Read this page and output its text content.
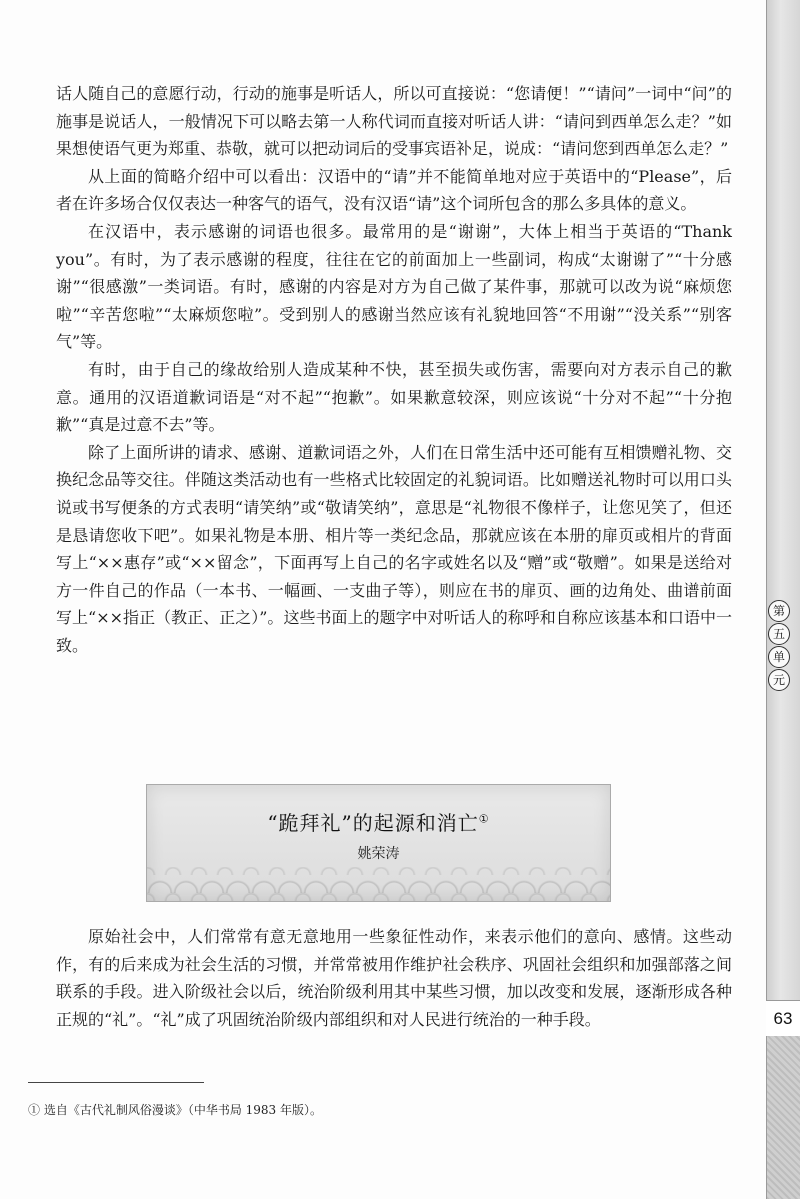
话人随自己的意愿行动，行动的施事是听话人，所以可直接说：“您请便！”“请问”一词中“问”的施事是说话人，一般情况下可以略去第一人称代词而直接对听话人讲：“请问到西单怎么走？”如果想使语气更为郑重、恭敬，就可以把动词后的受事宾语补足，说成：“请问您到西单怎么走？”

从上面的简略介绍中可以看出：汉语中的“请”并不能简单地对应于英语中的“Please”，后者在许多场合仅仅表达一种客气的语气，没有汉语“请”这个词所包含的那么多具体的意义。

在汉语中，表示感谢的词语也很多。最常用的是“谢谢”，大体上相当于英语的“Thank you”。有时，为了表示感谢的程度，往往在它的前面加上一些副词，构成“太谢谢了”“十分感谢”“很感激”一类词语。有时，感谢的内容是对方为自己做了某件事，那就可以改为说“麻烦您啦”“辛苦您啦”“太麻烦您啦”。受到别人的感谢当然应该有礼貌地回答“不用谢”“没关系”“别客气”等。

有时，由于自己的缘故给别人造成某种不快，甚至损失或伤害，需要向对方表示自己的歉意。通用的汉语道歉词语是“对不起”“抱歉”。如果歉意较深，则应该说“十分对不起”“十分抱歉”“真是过意不去”等。

除了上面所讲的请求、感谢、道歉词语之外，人们在日常生活中还可能有互相馈赠礼物、交换纪念品等交往。伴随这类活动也有一些格式比较固定的礼貌词语。比如赠送礼物时可以用口头说或书写便条的方式表明“请笑纳”或“敬请笑纳”，意思是“礼物很不像样子，让您见笑了，但还是恳请您收下吧”。如果礼物是本册、相片等一类纪念品，那就应该在本册的扉页或相片的背面写上“××惠存”或“××留念”，下面再写上自己的名字或姓名以及“赠”或“敬赠”。如果是送给对方一件自己的作品（一本书、一幅画、一支曲子等），则应在书的扉页、画的边角处、曲谱前面写上“××指正（教正、正之）”。这些书面上的题字中对听话人的称呼和自称应该基本和口语中一致。

“跪拜礼”的起源和消亡①
姚荣涛

原始社会中，人们常常有意无意地用一些象征性动作，来表示他们的意向、感情。这些动作，有的后来成为社会生活的习惯，并常常被用作维护社会秩序、巩固社会组织和加强部落之间联系的手段。进入阶级社会以后，统治阶级利用其中某些习惯，加以改变和发展，逐渐形成各种正规的“礼”。“礼”成了巩固统治阶级内部组织和对人民进行统治的一种手段。

① 选自《古代礼制风俗漫谈》（中华书局 1983 年版）。
第
五
单
元
63
